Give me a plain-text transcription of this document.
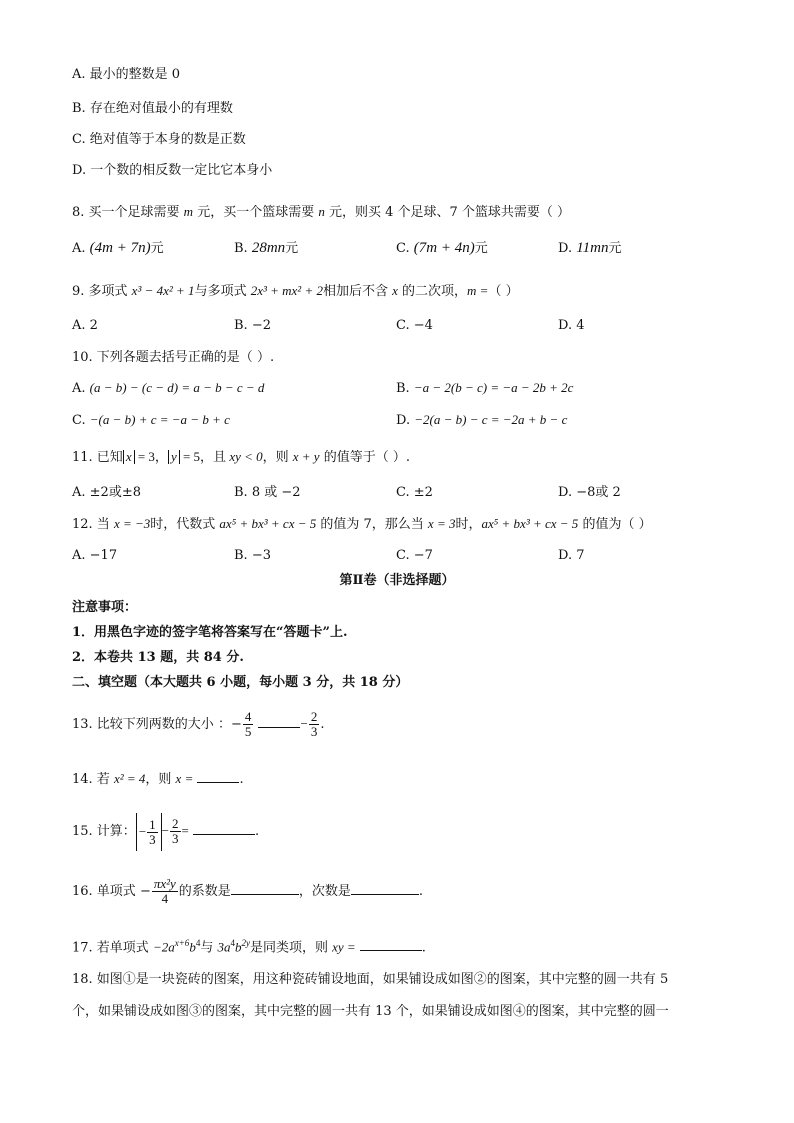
A. 最小的整数是 0
B. 存在绝对值最小的有理数
C. 绝对值等于本身的数是正数
D. 一个数的相反数一定比它本身小
8. 买一个足球需要 m 元，买一个篮球需要 n 元，则买 4 个足球、7 个篮球共需要（ ）
A. (4m + 7n)元	B. 28mn元	C. (7m + 4n)元	D. 11mn元
9. 多项式 x³ − 4x² + 1与多项式 2x³ + mx² + 2相加后不含 x 的二次项，m =（ ）
A. 2	B. −2	C. −4	D. 4
10. 下列各题去括号正确的是（ ）.
A. (a − b) − (c − d) = a − b − c − d	B. −a − 2(b − c) = −a − 2b + 2c
C. −(a − b) + c = −a − b + c	D. −2(a − b) − c = −2a + b − c
11. 已知 x = 3， y = 5，且 xy < 0，则 x + y 的值等于（ ）.
A. ±2或±8	B. 8 或 −2	C. ±2	D. −8或 2
12. 当 x = −3时，代数式 ax⁵ + bx³ + cx − 5 的值为 7，那么当 x = 3时，ax⁵ + bx³ + cx − 5 的值为（ ）
A. −17	B. −3	C. −7	D. 7
第Ⅱ卷（非选择题）
注意事项：
1．用黑色字迹的签字笔将答案写在“答题卡”上.
2．本卷共 13 题，共 84 分.
二、填空题（本大题共 6 小题，每小题 3 分，共 18 分）
13. 比较下列两数的大小 ：− $\frac{4}{5}$	− $\frac{2}{3}$ .
14. 若 x² = 4，则 x =	.
15. 计算： − $\frac{1}{3} - \frac{2}{3}$ =	.
16. 单项式 − $\frac{\text{πx²y}}{4}$ 的系数是	，次数是	.
17. 若单项式 $-2a^{x+6}b^4$与 $3a^4b^{2y}$是同类项，则 xy =	.
18. 如图①是一块瓷砖的图案，用这种瓷砖铺设地面，如果铺设成如图②的图案，其中完整的圆一共有 5
个，如果铺设成如图③的图案，其中完整的圆一共有 13 个，如果铺设成如图④的图案，其中完整的圆一
